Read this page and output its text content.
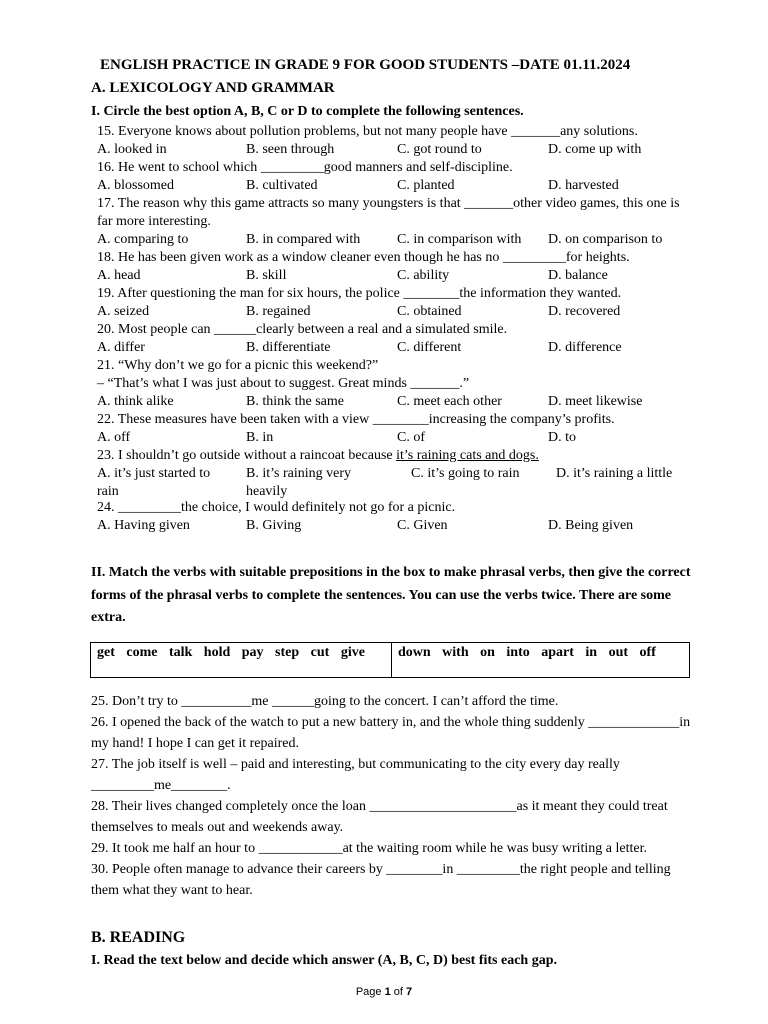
ENGLISH PRACTICE IN GRADE 9 FOR GOOD STUDENTS –DATE 01.11.2024
A. LEXICOLOGY AND GRAMMAR
I. Circle the best option A, B, C or D to complete the following sentences.
15. Everyone knows about pollution problems, but not many people have _______any solutions.
A. looked in	B. seen through	C. got round to	D. come up with
16. He went to school which _________good manners and self-discipline.
A. blossomed	B. cultivated	C. planted	D. harvested
17. The reason why this game attracts so many youngsters is that _______other video games, this one is far more interesting.
A. comparing to	B. in compared with	C. in comparison with D. on comparison to
18. He has been given work as a window cleaner even though he has no _________for heights.
A. head	B. skill	C. ability	D. balance
19. After questioning the man for six hours, the police ________the information they wanted.
A. seized	B. regained	C. obtained	D. recovered
20. Most people can ______clearly between a real and a simulated smile.
A. differ	B. differentiate	C. different	D. difference
21. “Why don’t we go for a picnic this weekend?”
– “That’s what I was just about to suggest. Great minds _______.”
A. think alike	B. think the same	C. meet each other	D. meet likewise
22. These measures have been taken with a view ________increasing the company’s profits.
A. off	B. in	C. of	D. to
23. I shouldn’t go outside without a raincoat because it’s raining cats and dogs.
A. it’s just started to rain
B. it’s raining very heavily
C. it’s going to rain	D. it’s raining a little
24. _________the choice, I would definitely not go for a picnic.
A. Having given	B. Giving	C. Given	D. Being given
II. Match the verbs with suitable prepositions in the box to make phrasal verbs, then give the correct forms of the phrasal verbs to complete the sentences. You can use the verbs twice. There are some extra.
get come talk hold pay step cut give	down with on into apart in out off
25. Don’t try to __________me ______going to the concert. I can’t afford the time.
26. I opened the back of the watch to put a new battery in, and the whole thing suddenly _____________in my hand! I hope I can get it repaired.
27. The job itself is well – paid and interesting, but communicating to the city every day really _________me________.
28. Their lives changed completely once the loan _____________________as it meant they could treat themselves to meals out and weekends away.
29. It took me half an hour to ____________at the waiting room while he was busy writing a letter.
30. People often manage to advance their careers by ________in _________the right people and telling them what they want to hear.
B. READING
I. Read the text below and decide which answer (A, B, C, D) best fits each gap.
Page 1 of 7
